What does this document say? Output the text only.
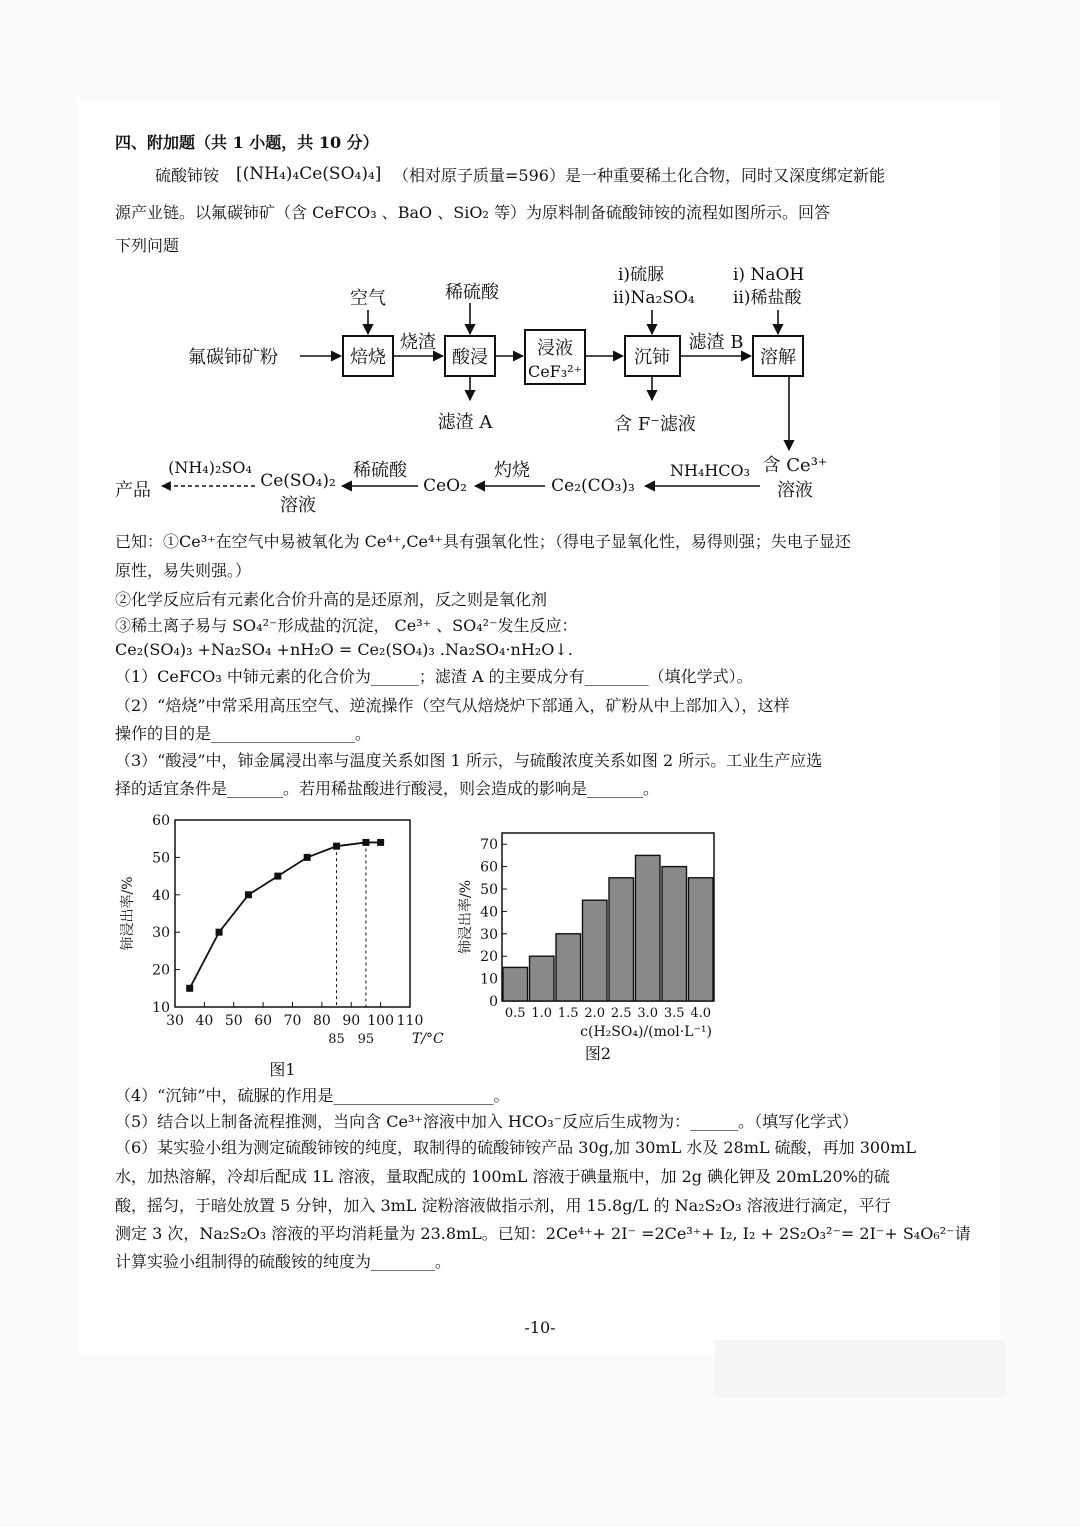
四、附加题（共 1 小题，共 10 分）
硫酸铈铵 [(NH₄)₄Ce(SO₄)₄] （相对原子质量=596）是一种重要稀土化合物，同时又深度绑定新能
源产业链。以氟碳铈矿（含 CeFCO₃ 、BaO 、SiO₂ 等）为原料制备硫酸铈铵的流程如图所示。回答
下列问题
焙烧	酸浸	浸液
CeF₃²⁺
沉铈	溶解
氟碳铈矿粉
空气
烧渣
稀硫酸
滤渣 A
ⅰ)硫脲
ⅱ)Na₂SO₄
滤渣 B
含 F⁻滤液
ⅰ) NaOH
ⅱ)稀盐酸
含 Ce³⁺
溶液
NH₄HCO₃
Ce₂(CO₃)₃
灼烧
CeO₂
稀硫酸
Ce(SO₄)₂
溶液
(NH₄)₂SO₄
产品
已知：①Ce³⁺在空气中易被氧化为 Ce⁴⁺,Ce⁴⁺具有强氧化性；（得电子显氧化性，易得则强；失电子显还
原性，易失则强。）
②化学反应后有元素化合价升高的是还原剂，反之则是氧化剂
③稀土离子易与 SO₄²⁻形成盐的沉淀， Ce³⁺ 、SO₄²⁻发生反应：
Ce₂(SO₄)₃ +Na₂SO₄ +nH₂O = Ce₂(SO₄)₃ .Na₂SO₄·nH₂O↓.
（1）CeFCO₃ 中铈元素的化合价为______；滤渣 A 的主要成分有________（填化学式）。
（2）“焙烧”中常采用高压空气、逆流操作（空气从焙烧炉下部通入，矿粉从中上部加入），这样
操作的目的是__________________。
（3）“酸浸”中，铈金属浸出率与温度关系如图 1 所示，与硫酸浓度关系如图 2 所示。工业生产应选
择的适宜条件是_______。若用稀盐酸进行酸浸，则会造成的影响是_______。
10
20
30
40
50
60
30 40 50 60 70 80 90 100 110
85 95	T/°C
铈浸出率/%
图1
0
10
20
30
40
50
60
70
0.5 1.0 1.5 2.0 2.5 3.0 3.5 4.0
c(H₂SO₄)/(mol·L⁻¹)
铈浸出率/%
图2
（4）“沉铈”中，硫脲的作用是____________________。
（5）结合以上制备流程推测，当向含 Ce³⁺溶液中加入 HCO₃⁻反应后生成物为：______。（填写化学式）
（6）某实验小组为测定硫酸铈铵的纯度，取制得的硫酸铈铵产品 30g,加 30mL 水及 28mL 硫酸，再加 300mL
水，加热溶解，冷却后配成 1L 溶液，量取配成的 100mL 溶液于碘量瓶中，加 2g 碘化钾及 20mL20%的硫
酸，摇匀，于暗处放置 5 分钟，加入 3mL 淀粉溶液做指示剂，用 15.8g/L 的 Na₂S₂O₃ 溶液进行滴定，平行
测定 3 次，Na₂S₂O₃ 溶液的平均消耗量为 23.8mL。已知：2Ce⁴⁺+ 2I⁻ =2Ce³⁺+ I₂, I₂ + 2S₂O₃²⁻= 2I⁻+ S₄O₆²⁻请
计算实验小组制得的硫酸铵的纯度为________。
-10-
